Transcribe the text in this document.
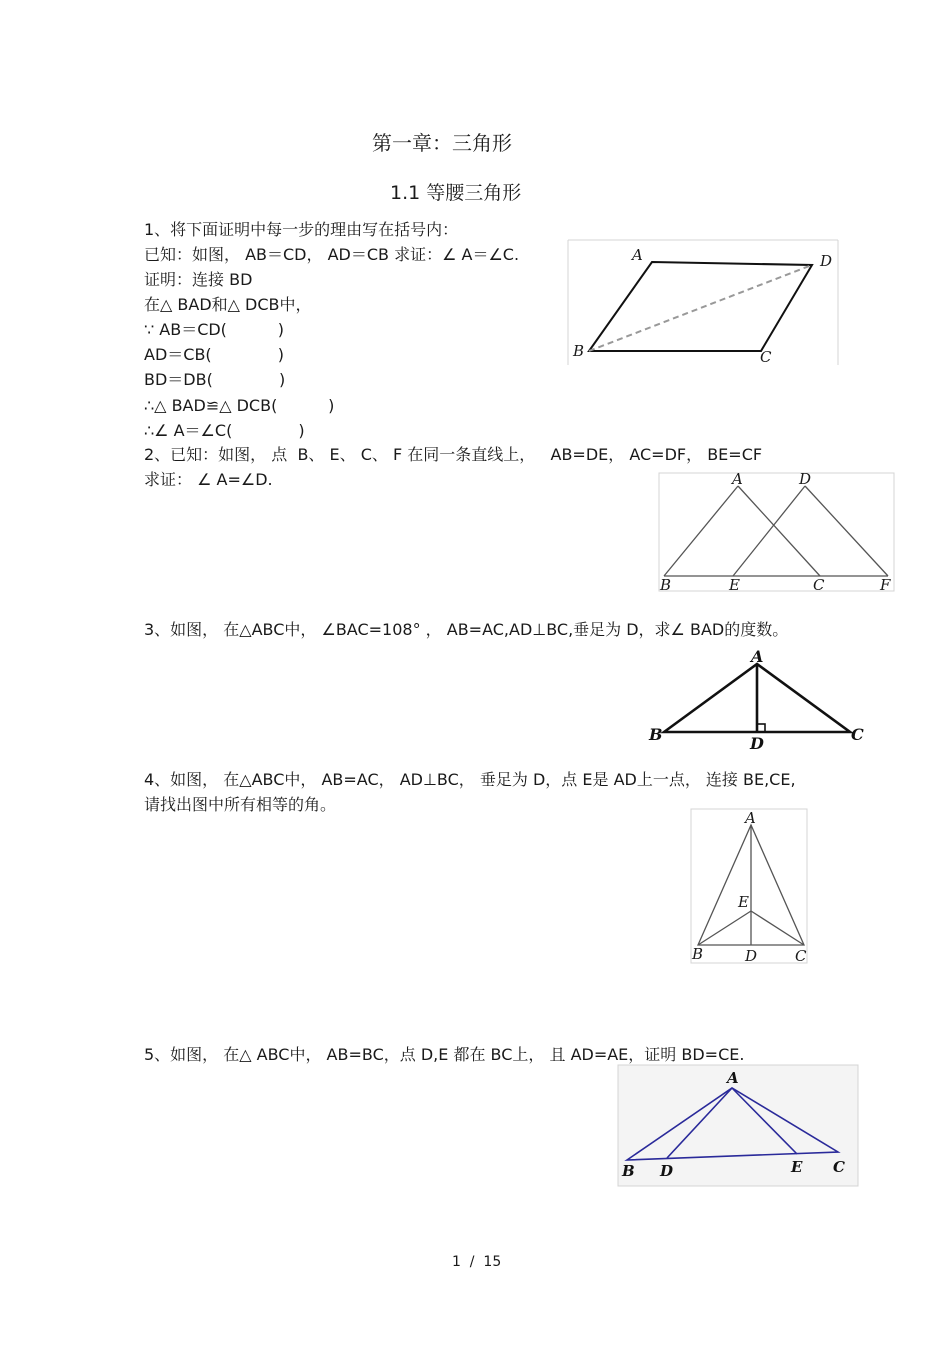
第一章：三角形
1.1 等腰三角形
1、将下面证明中每一步的理由写在括号内：
已知：如图， AB＝CD， AD＝CB 求证：∠ A＝∠C.
证明：连接 BD
在△ BAD和△ DCB中，
∵ AB＝CD(          )
AD＝CB(             )
BD＝DB(             )
∴△ BAD≌△ DCB(          )
∴∠ A＝∠C(             )
A	D
B	C
2、已知：如图， 点  B、 E、 C、 F 在同一条直线上，   AB=DE， AC=DF， BE=CF
求证： ∠ A=∠D.	A	D
B	E	C	F
3、如图， 在△ABC中， ∠BAC=108° ， AB=AC,AD⊥BC,垂足为 D，求∠ BAD的度数。
A
B	C
D
4、如图， 在△ABC中， AB=AC， AD⊥BC， 垂足为 D，点 E是 AD上一点， 连接 BE,CE,
请找出图中所有相等的角。
A
E
B	D	C
5、如图， 在△ ABC中， AB=BC，点 D,E 都在 BC上， 且 AD=AE，证明 BD=CE.
A
B D	E C
1  /  15
